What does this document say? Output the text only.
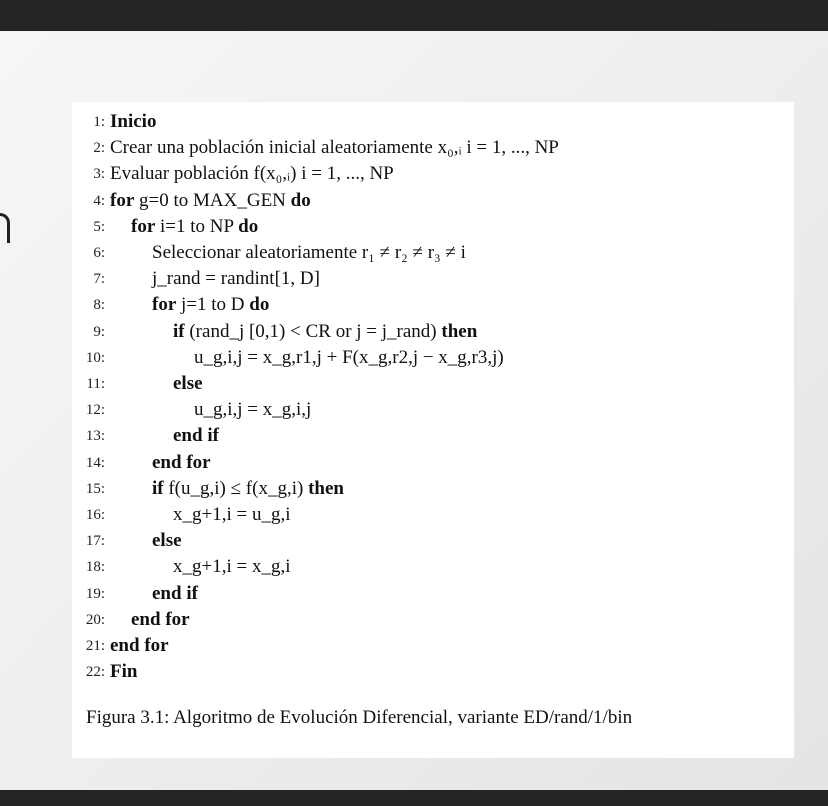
1: Inicio
2: Crear una población inicial aleatoriamente x₀,ᵢ i = 1, ..., NP
3: Evaluar población f(x₀,ᵢ) i = 1, ..., NP
4: for g=0 to MAX_GEN do
5: for i=1 to NP do
6: Seleccionar aleatoriamente r₁ ≠ r₂ ≠ r₃ ≠ i
7: j_rand = randint[1, D]
8: for j=1 to D do
9:	if (rand_j [0,1) < CR or j = j_rand) then
10:	u_g,i,j = x_g,r1,j + F(x_g,r2,j − x_g,r3,j)
11:	else
12:	u_g,i,j = x_g,i,j
13:	end if
14: end for
15: if f(u_g,i) ≤ f(x_g,i) then
16:	x_g+1,i = u_g,i
17: else
18:	x_g+1,i = x_g,i
19: end if
20: end for
21: end for
22: Fin
Figura 3.1: Algoritmo de Evolución Diferencial, variante ED/rand/1/bin
